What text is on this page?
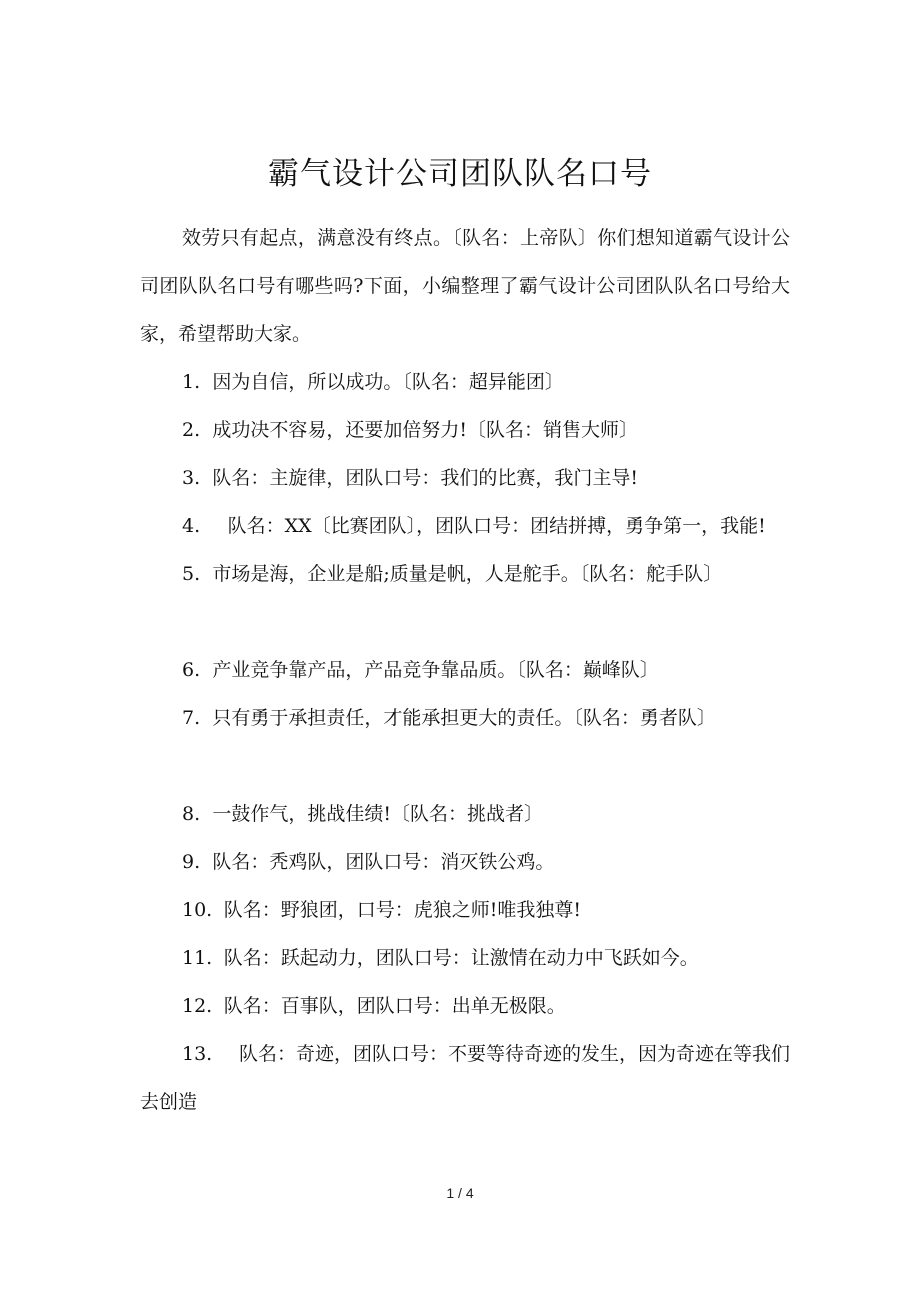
霸气设计公司团队队名口号

效劳只有起点，满意没有终点。〔队名：上帝队〕你们想知道霸气设计公司团队队名口号有哪些吗?下面，小编整理了霸气设计公司团队队名口号给大家，希望帮助大家。

1. 因为自信，所以成功。〔队名：超异能团〕

2. 成功决不容易，还要加倍努力!〔队名：销售大师〕

3. 队名：主旋律，团队口号：我们的比赛，我门主导!

4. 队名：XX〔比赛团队〕，团队口号：团结拼搏，勇争第一，我能!

5. 市场是海，企业是船;质量是帆，人是舵手。〔队名：舵手队〕

6. 产业竞争靠产品，产品竞争靠品质。〔队名：巅峰队〕

7. 只有勇于承担责任，才能承担更大的责任。〔队名：勇者队〕

8. 一鼓作气，挑战佳绩!〔队名：挑战者〕

9. 队名：秃鸡队，团队口号：消灭铁公鸡。

10. 队名：野狼团，口号：虎狼之师!唯我独尊!

11. 队名：跃起动力，团队口号：让激情在动力中飞跃如今。

12. 队名：百事队，团队口号：出单无极限。

13. 队名：奇迹，团队口号：不要等待奇迹的发生，因为奇迹在等我们去创造

1 / 4
